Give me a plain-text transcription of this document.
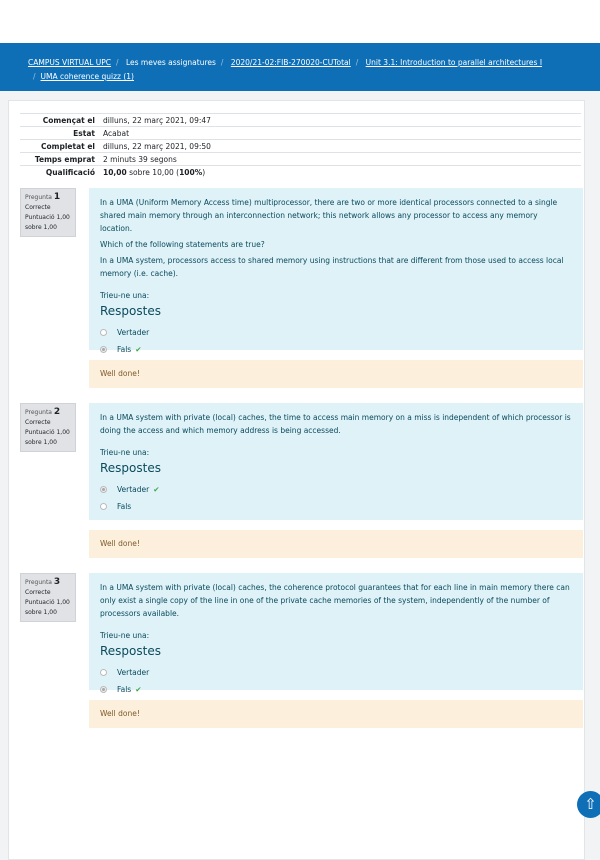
CAMPUS VIRTUAL UPC / Les meves assignatures / 2020/21-02:FIB-270020-CUTotal / Unit 3.1: Introduction to parallel architectures I
/ UMA coherence quizz (1)
Començat el	dilluns, 22 març 2021, 09:47
Estat	Acabat
Completat el	dilluns, 22 març 2021, 09:50
Temps emprat	2 minuts 39 segons
Qualificació	10,00 sobre 10,00 (100%)
Pregunta 1
Correcte
Puntuació 1,00 sobre 1,00

In a UMA (Uniform Memory Access time) multiprocessor, there are two or more identical processors connected to a single shared main memory through an interconnection network; this network allows any processor to access any memory location.

Which of the following statements are true?

In a UMA system, processors access to shared memory using instructions that are different from those used to access local memory (i.e. cache).

Trieu-ne una:
Respostes
Vertader
Fals ✔
Well done!
Pregunta 2
Correcte
Puntuació 1,00 sobre 1,00

In a UMA system with private (local) caches, the time to access main memory on a miss is independent of which processor is doing the access and which memory address is being accessed.

Trieu-ne una:
Respostes
Vertader ✔
Fals
Well done!
Pregunta 3
Correcte
Puntuació 1,00 sobre 1,00

In a UMA system with private (local) caches, the coherence protocol guarantees that for each line in main memory there can only exist a single copy of the line in one of the private cache memories of the system, independently of the number of processors available.

Trieu-ne una:
Respostes
Vertader
Fals ✔
Well done!
⇧
